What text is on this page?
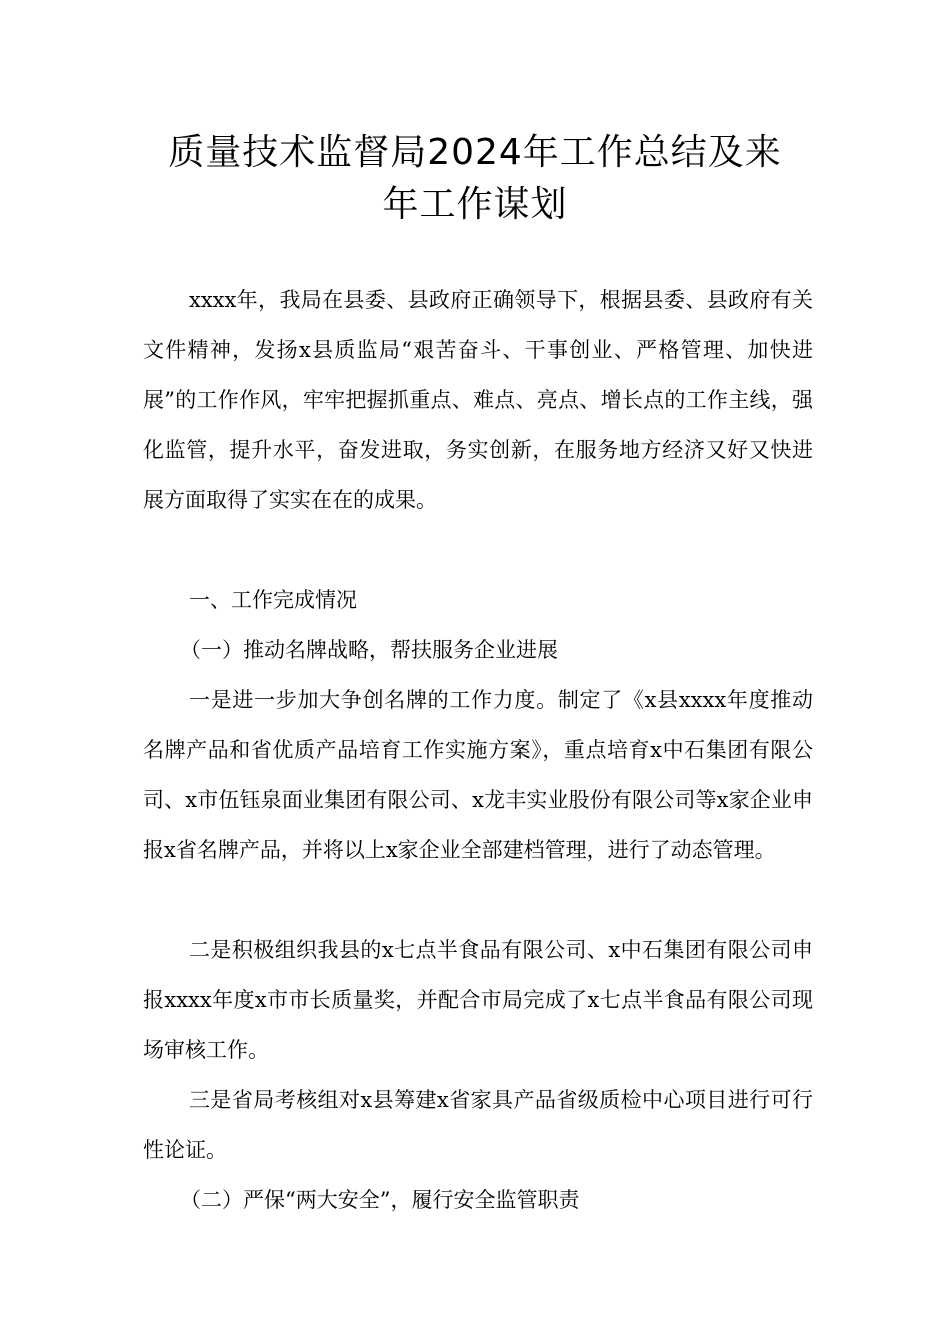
质量技术监督局2024年工作总结及来
年工作谋划

xxxx年，我局在县委、县政府正确领导下，根据县委、县政府有关文件精神，发扬x县质监局“艰苦奋斗、干事创业、严格管理、加快进展”的工作作风，牢牢把握抓重点、难点、亮点、增长点的工作主线，强化监管，提升水平，奋发进取，务实创新，在服务地方经济又好又快进展方面取得了实实在在的成果。

一、工作完成情况

（一）推动名牌战略，帮扶服务企业进展

一是进一步加大争创名牌的工作力度。制定了《x县xxxx年度推动名牌产品和省优质产品培育工作实施方案》，重点培育x中石集团有限公司、x市伍钰泉面业集团有限公司、x龙丰实业股份有限公司等x家企业申报x省名牌产品，并将以上x家企业全部建档管理，进行了动态管理。

二是积极组织我县的x七点半食品有限公司、x中石集团有限公司申报xxxx年度x市市长质量奖，并配合市局完成了x七点半食品有限公司现场审核工作。

三是省局考核组对x县筹建x省家具产品省级质检中心项目进行可行性论证。

（二）严保“两大安全”，履行安全监管职责
